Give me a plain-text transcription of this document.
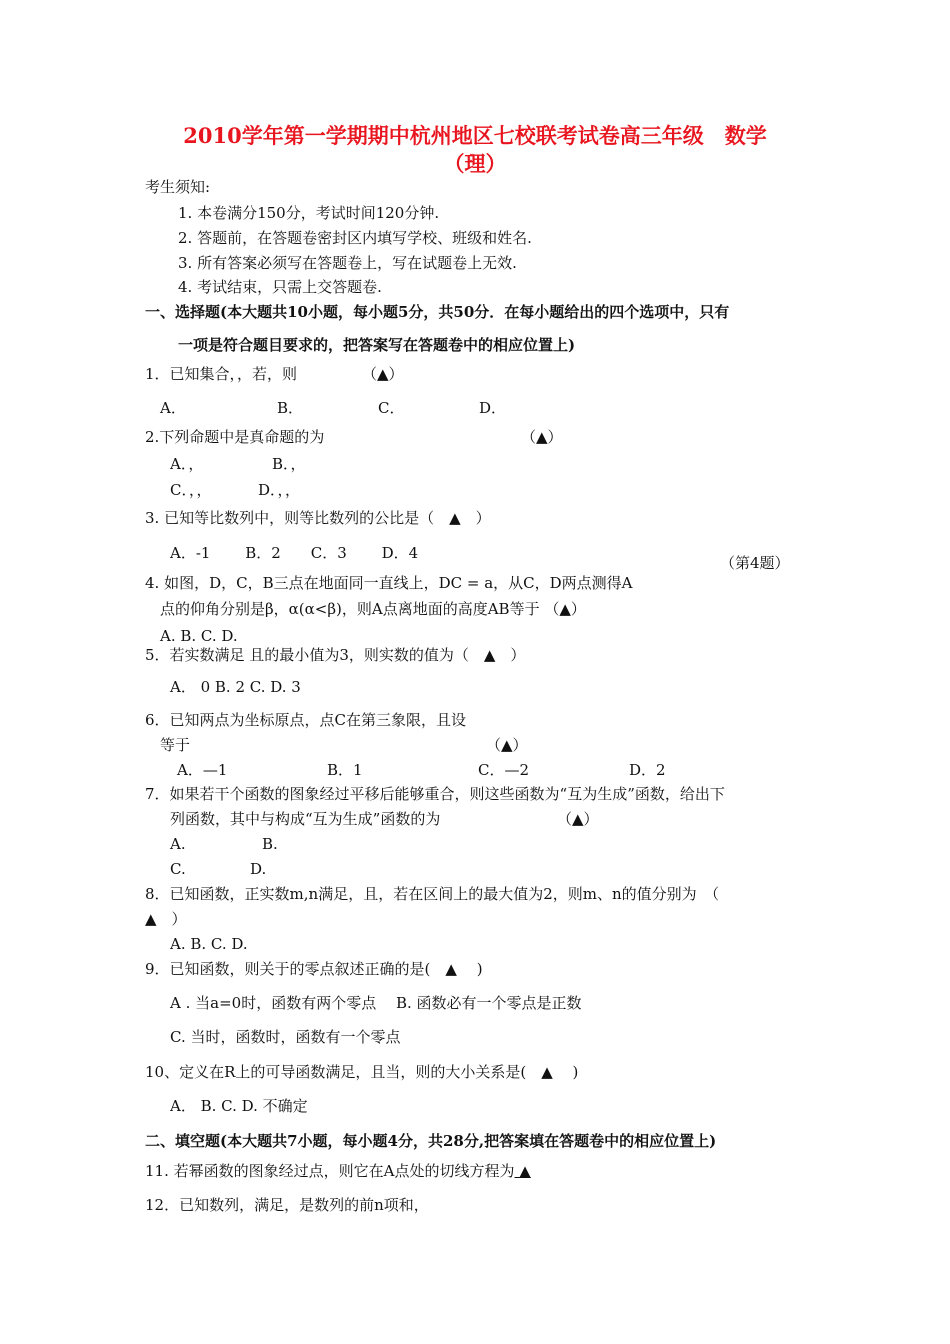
2010学年第一学期期中杭州地区七校联考试卷高三年级　数学
（理）
考生须知:
1. 本卷满分150分，考试时间120分钟.
2. 答题前，在答题卷密封区内填写学校、班级和姓名.
3. 所有答案必须写在答题卷上，写在试题卷上无效.
4. 考试结束，只需上交答题卷.
一、选择题(本大题共10小题，每小题5分，共50分．在每小题给出的四个选项中，只有
一项是符合题目要求的，把答案写在答题卷中的相应位置上)
1．已知集合，，若，则	（▲）
A．	B．	C．	D．
2.下列命题中是真命题的为	（▲）
A．，	B．，
C．，，	D．，，
3. 已知等比数列中，则等比数列的公比是（　▲　）
A．-1　　 B．2　　C．3　　 D．4
（第4题）
4. 如图，D，C，B三点在地面同一直线上，DC = a，从C，D两点测得A
点的仰角分别是β，α(α<β)，则A点离地面的高度AB等于 （▲）
A. B. C. D.
5．若实数满足 且的最小值为3，则实数的值为（　▲　）
A． 0 B. 2 C. D. 3
6．已知两点为坐标原点，点C在第三象限，且设
等于	（▲）
A．—1	B．1	C．—2	D．2
7．如果若干个函数的图象经过平移后能够重合，则这些函数为“互为生成”函数，给出下
列函数，其中与构成“互为生成”函数的为	（▲）
A.	B.
C.	D.
8．已知函数，正实数m,n满足，且，若在区间上的最大值为2，则m、n的值分别为　（
▲　）
A. B. C. D.
9．已知函数，则关于的零点叙述正确的是(　▲　 )
A . 当a=0时，函数有两个零点　 B. 函数必有一个零点是正数
C. 当时，函数时，函数有一个零点
10、定义在R上的可导函数满足，且当，则的大小关系是(　▲　 )
A． B. C. D. 不确定
二、填空题(本大题共7小题，每小题4分，共28分,把答案填在答题卷中的相应位置上)
11. 若幂函数的图象经过点，则它在A点处的切线方程为 ▲
12．已知数列，满足，是数列的前n项和，
